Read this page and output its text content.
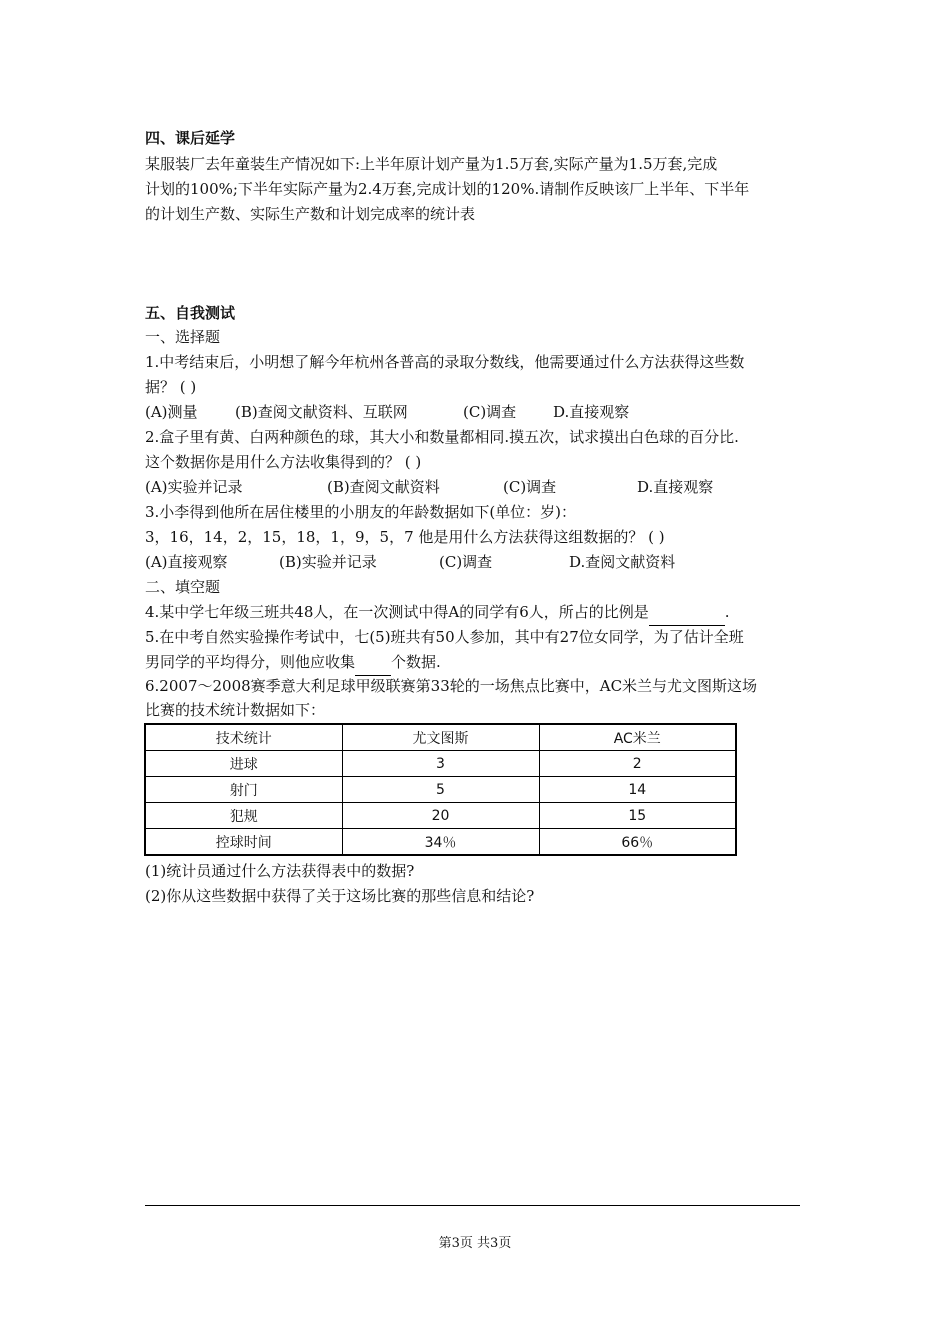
四、课后延学
某服装厂去年童装生产情况如下:上半年原计划产量为1.5万套,实际产量为1.5万套,完成
计划的100%;下半年实际产量为2.4万套,完成计划的120%.请制作反映该厂上半年、下半年
的计划生产数、实际生产数和计划完成率的统计表
五、自我测试
一、选择题
1.中考结束后，小明想了解今年杭州各普高的录取分数线，他需要通过什么方法获得这些数
据？ ( )
(A)测量 (B)查阅文献资料、互联网	(C)调查 D.直接观察
2.盒子里有黄、白两种颜色的球，其大小和数量都相同.摸五次，试求摸出白色球的百分比.
这个数据你是用什么方法收集得到的？ ( )
(A)实验并记录	(B)查阅文献资料	(C)调查	D.直接观察
3.小李得到他所在居住楼里的小朋友的年龄数据如下(单位：岁)：
3，16，14，2，15，18，1，9，5，7 他是用什么方法获得这组数据的？ ( )
(A)直接观察	(B)实验并记录	(C)调查	D.查阅文献资料
二、填空题
4.某中学七年级三班共48人，在一次测试中得A的同学有6人，所占的比例是	.
5.在中考自然实验操作考试中，七(5)班共有50人参加，其中有27位女同学，为了估计全班
男同学的平均得分，则他应收集 个数据.
6.2007～2008赛季意大利足球甲级联赛第33轮的一场焦点比赛中，AC米兰与尤文图斯这场
比赛的技术统计数据如下：
技术统计	尤文图斯	AC米兰
进球	3	2
射门	5	14
犯规	20	15
控球时间	34％	66％
(1)统计员通过什么方法获得表中的数据?
(2)你从这些数据中获得了关于这场比赛的那些信息和结论?
第3页 共3页
